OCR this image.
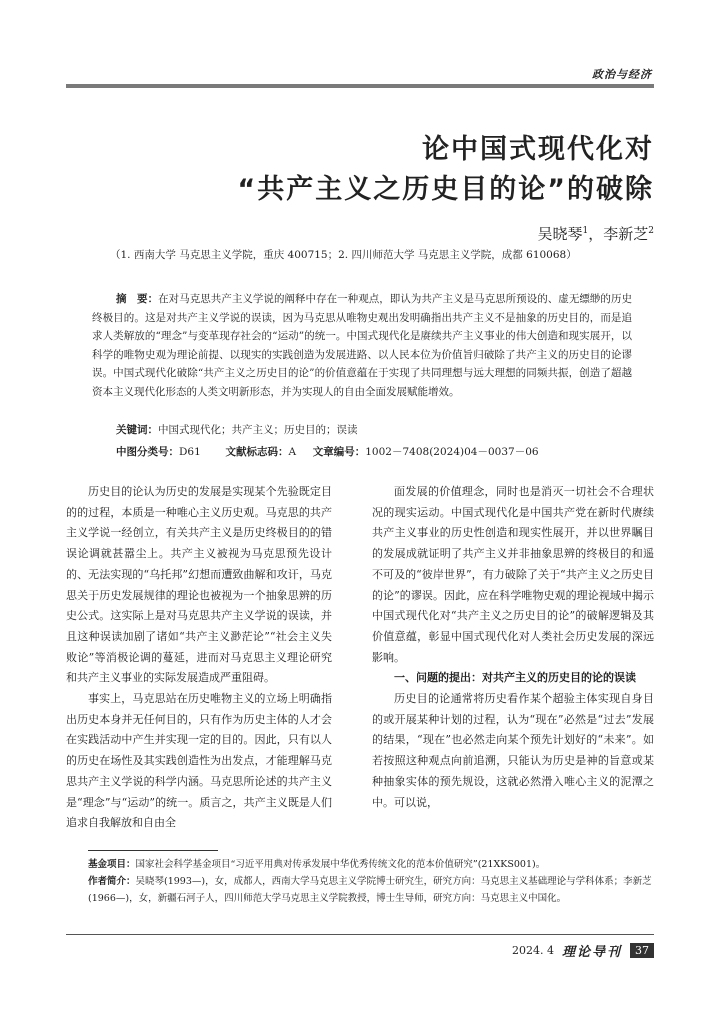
政治与经济
论中国式现代化对
“共产主义之历史目的论”的破除
吴晓琴$^1$，李新芝$^2$
（1. 西南大学 马克思主义学院，重庆 400715；2. 四川师范大学 马克思主义学院，成都 610068）
摘　要：在对马克思共产主义学说的阐释中存在一种观点，即认为共产主义是马克思所预设的、虚无缥缈的历史终极目的。这是对共产主义学说的误读，因为马克思从唯物史观出发明确指出共产主义不是抽象的历史目的，而是追求人类解放的“理念”与变革现存社会的“运动”的统一。中国式现代化是赓续共产主义事业的伟大创造和现实展开，以科学的唯物史观为理论前提、以现实的实践创造为发展进路、以人民本位为价值旨归破除了共产主义的历史目的论谬误。中国式现代化破除“共产主义之历史目的论”的价值意蕴在于实现了共同理想与远大理想的同频共振，创造了超越资本主义现代化形态的人类文明新形态，并为实现人的自由全面发展赋能增效。
关键词：中国式现代化；共产主义；历史目的；误读
中图分类号：D61 文献标志码：A 文章编号：1002－7408(2024)04－0037－06

历史目的论认为历史的发展是实现某个先验既定目的的过程，本质是一种唯心主义历史观。马克思的共产主义学说一经创立，有关共产主义是历史终极目的的错误论调就甚嚣尘上。共产主义被视为马克思预先设计的、无法实现的“乌托邦”幻想而遭致曲解和攻讦，马克思关于历史发展规律的理论也被视为一个抽象思辨的历史公式。这实际上是对马克思共产主义学说的误读，并且这种误读加剧了诸如“共产主义渺茫论”“社会主义失败论”等消极论调的蔓延，进而对马克思主义理论研究和共产主义事业的实际发展造成严重阻碍。

事实上，马克思站在历史唯物主义的立场上明确指出历史本身并无任何目的，只有作为历史主体的人才会在实践活动中产生并实现一定的目的。因此，只有以人的历史在场性及其实践创造性为出发点，才能理解马克思共产主义学说的科学内涵。马克思所论述的共产主义是“理念”与“运动”的统一。质言之，共产主义既是人们追求自我解放和自由全

面发展的价值理念，同时也是消灭一切社会不合理状况的现实运动。中国式现代化是中国共产党在新时代赓续共产主义事业的历史性创造和现实性展开，并以世界瞩目的发展成就证明了共产主义并非抽象思辨的终极目的和遥不可及的“彼岸世界”，有力破除了关于“共产主义之历史目的论”的谬误。因此，应在科学唯物史观的理论视域中揭示中国式现代化对“共产主义之历史目的论”的破解逻辑及其价值意蕴，彰显中国式现代化对人类社会历史发展的深远影响。

一、问题的提出：对共产主义的历史目的论的误读

历史目的论通常将历史看作某个超验主体实现自身目的或开展某种计划的过程，认为“现在”必然是“过去”发展的结果，“现在”也必然走向某个预先计划好的“未来”。如若按照这种观点向前追溯，只能认为历史是神的旨意或某种抽象实体的预先规设，这就必然滑入唯心主义的泥潭之中。可以说，

基金项目：国家社会科学基金项目“习近平用典对传承发展中华优秀传统文化的范本价值研究”(21XKS001)。
作者简介：吴晓琴(1993—)，女，成都人，西南大学马克思主义学院博士研究生，研究方向：马克思主义基础理论与学科体系；李新芝(1966—)，女，新疆石河子人，四川师范大学马克思主义学院教授，博士生导师，研究方向：马克思主义中国化。
2024. 4 理论导刊	37
